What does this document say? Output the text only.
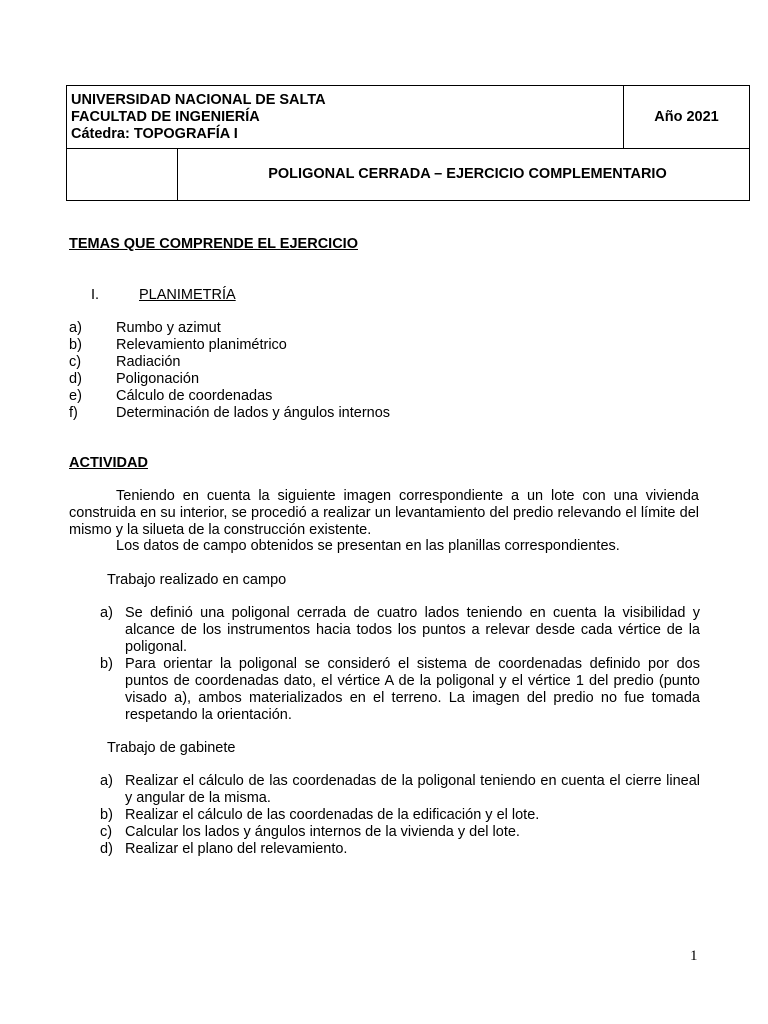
UNIVERSIDAD NACIONAL DE SALTA
FACULTAD DE INGENIERÍA
Cátedra: TOPOGRAFÍA I		Año 2021
	POLIGONAL CERRADA – EJERCICIO COMPLEMENTARIO	
TEMAS QUE COMPRENDE EL EJERCICIO
I.	PLANIMETRÍA
a)	Rumbo y azimut
b)	Relevamiento planimétrico
c)	Radiación
d)	Poligonación
e)	Cálculo de coordenadas
f)	Determinación de lados y ángulos internos
ACTIVIDAD
Teniendo en cuenta la siguiente imagen correspondiente a un lote con una vivienda construida en su interior, se procedió a realizar un levantamiento del predio relevando el límite del mismo y la silueta de la construcción existente.
Los datos de campo obtenidos se presentan en las planillas correspondientes.
Trabajo realizado en campo
a) Se definió una poligonal cerrada de cuatro lados teniendo en cuenta la visibilidad y alcance de los instrumentos hacia todos los puntos a relevar desde cada vértice de la poligonal.
b) Para orientar la poligonal se consideró el sistema de coordenadas definido por dos puntos de coordenadas dato, el vértice A de la poligonal y el vértice 1 del predio (punto visado a), ambos materializados en el terreno. La imagen del predio no fue tomada respetando la orientación.
Trabajo de gabinete
a) Realizar el cálculo de las coordenadas de la poligonal teniendo en cuenta el cierre lineal y angular de la misma.
b) Realizar el cálculo de las coordenadas de la edificación y el lote.
c) Calcular los lados y ángulos internos de la vivienda y del lote.
d) Realizar el plano del relevamiento.
1
